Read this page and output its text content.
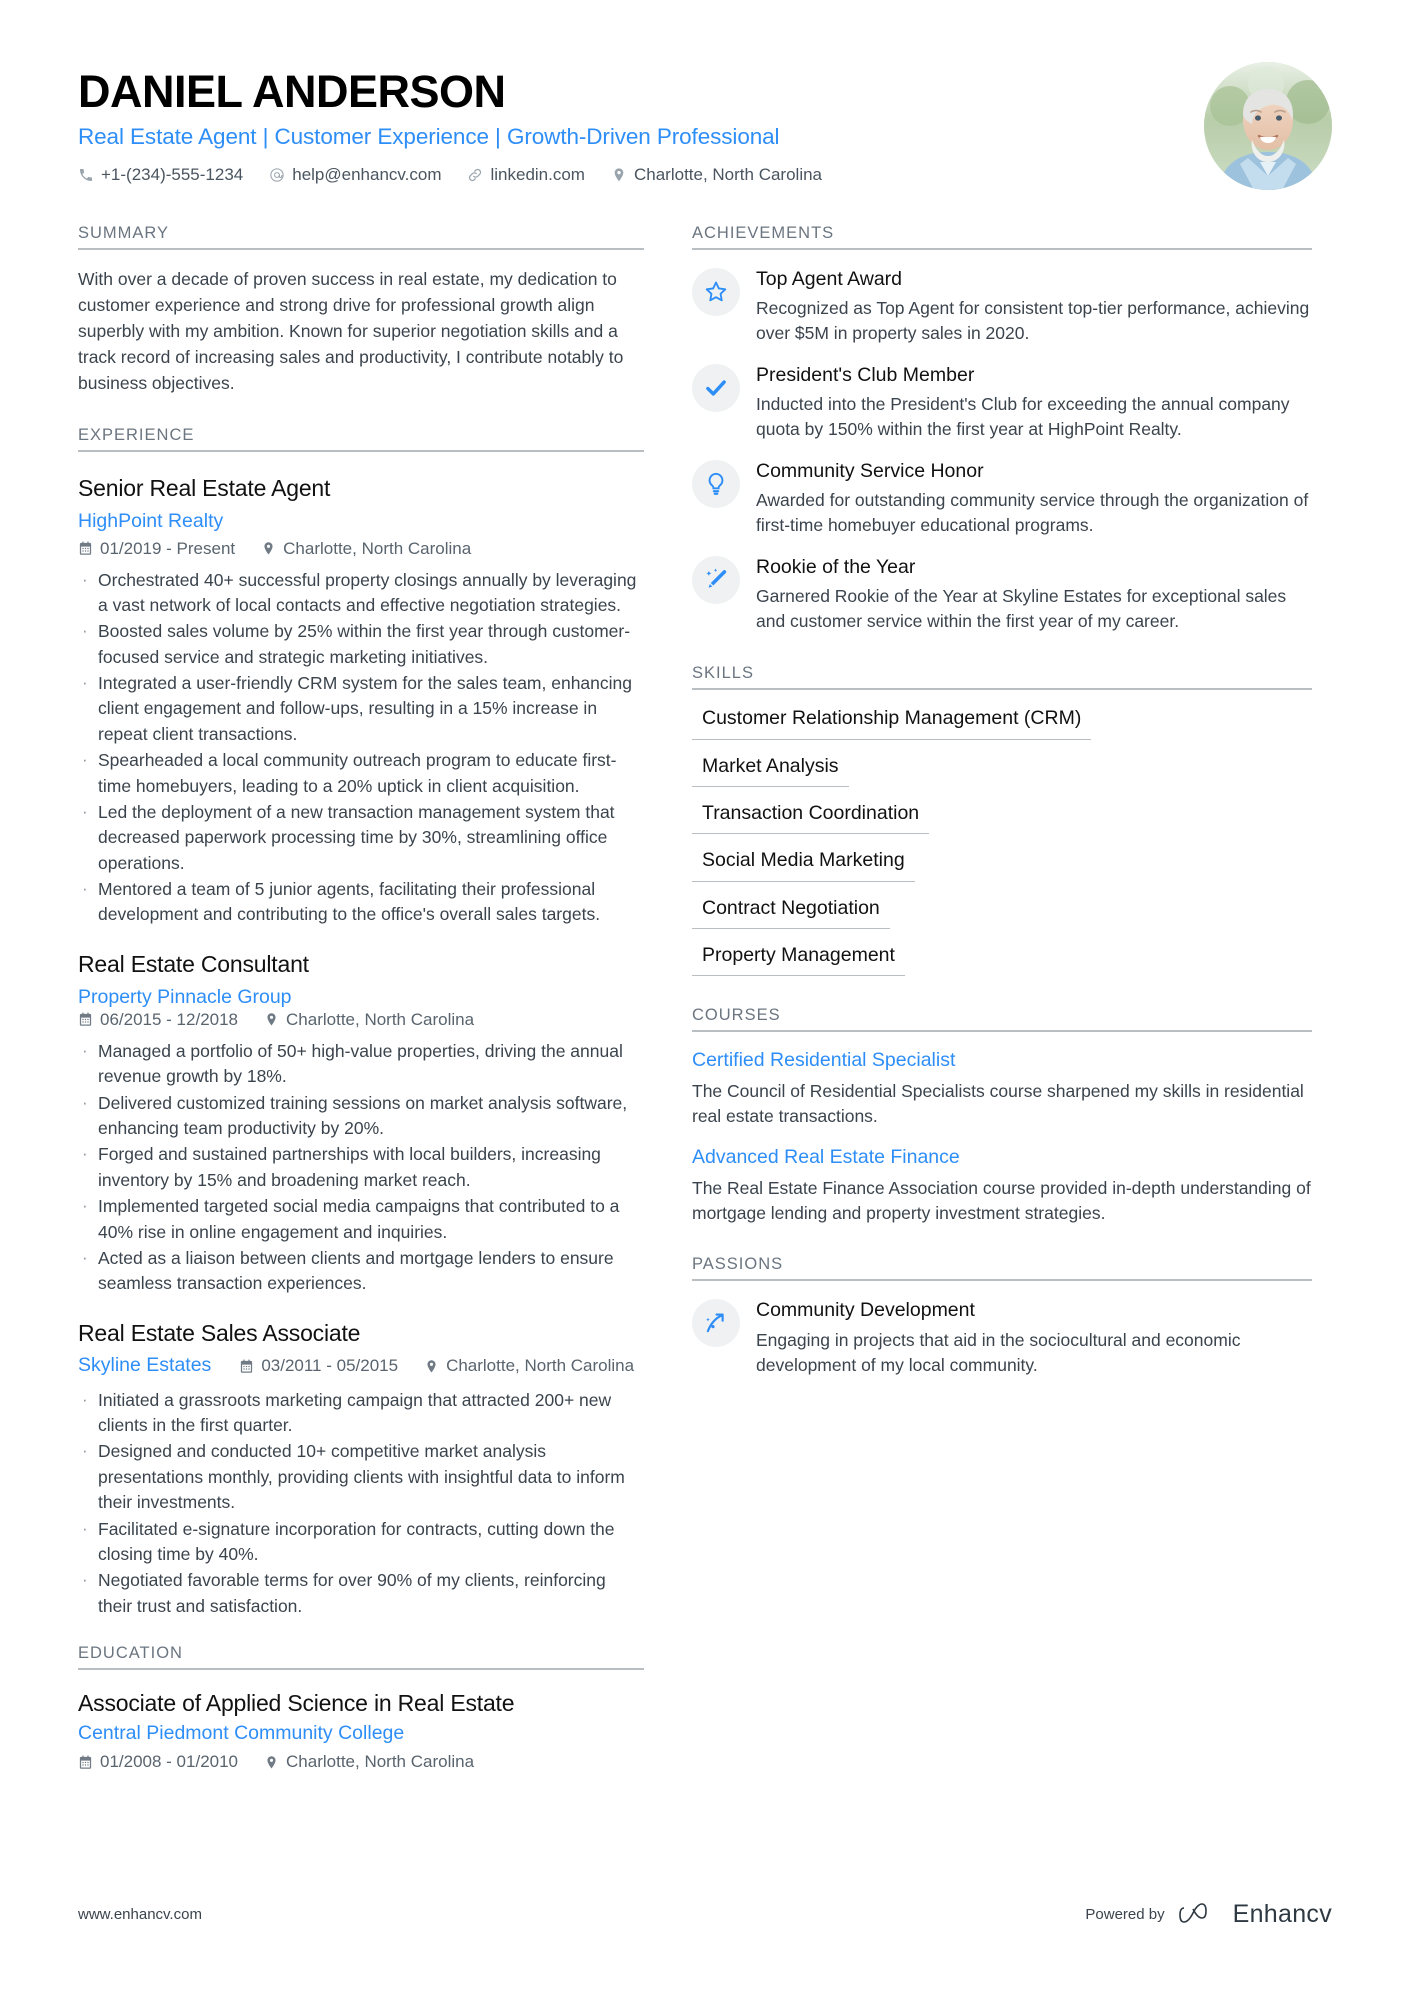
DANIEL ANDERSON
Real Estate Agent | Customer Experience | Growth-Driven Professional
+1-(234)-555-1234	help@enhancv.com	linkedin.com	Charlotte, North Carolina
SUMMARY
With over a decade of proven success in real estate, my dedication to customer experience and strong drive for professional growth align superbly with my ambition. Known for superior negotiation skills and a track record of increasing sales and productivity, I contribute notably to business objectives.
EXPERIENCE
Senior Real Estate Agent
HighPoint Realty
01/2019 - Present	Charlotte, North Carolina
· Orchestrated 40+ successful property closings annually by leveraging a vast network of local contacts and effective negotiation strategies.
· Boosted sales volume by 25% within the first year through customer-focused service and strategic marketing initiatives.
· Integrated a user-friendly CRM system for the sales team, enhancing client engagement and follow-ups, resulting in a 15% increase in repeat client transactions.
· Spearheaded a local community outreach program to educate first-time homebuyers, leading to a 20% uptick in client acquisition.
· Led the deployment of a new transaction management system that decreased paperwork processing time by 30%, streamlining office operations.
· Mentored a team of 5 junior agents, facilitating their professional development and contributing to the office's overall sales targets.
Real Estate Consultant
Property Pinnacle Group
06/2015 - 12/2018	Charlotte, North Carolina
· Managed a portfolio of 50+ high-value properties, driving the annual revenue growth by 18%.
· Delivered customized training sessions on market analysis software, enhancing team productivity by 20%.
· Forged and sustained partnerships with local builders, increasing inventory by 15% and broadening market reach.
· Implemented targeted social media campaigns that contributed to a 40% rise in online engagement and inquiries.
· Acted as a liaison between clients and mortgage lenders to ensure seamless transaction experiences.
Real Estate Sales Associate
Skyline Estates	03/2011 - 05/2015	Charlotte, North Carolina
· Initiated a grassroots marketing campaign that attracted 200+ new clients in the first quarter.
· Designed and conducted 10+ competitive market analysis presentations monthly, providing clients with insightful data to inform their investments.
· Facilitated e-signature incorporation for contracts, cutting down the closing time by 40%.
· Negotiated favorable terms for over 90% of my clients, reinforcing their trust and satisfaction.
EDUCATION
Associate of Applied Science in Real Estate
Central Piedmont Community College
01/2008 - 01/2010	Charlotte, North Carolina
ACHIEVEMENTS
Top Agent Award
Recognized as Top Agent for consistent top-tier performance, achieving over $5M in property sales in 2020.
President's Club Member
Inducted into the President's Club for exceeding the annual company quota by 150% within the first year at HighPoint Realty.
Community Service Honor
Awarded for outstanding community service through the organization of first-time homebuyer educational programs.
Rookie of the Year
Garnered Rookie of the Year at Skyline Estates for exceptional sales and customer service within the first year of my career.
SKILLS
Customer Relationship Management (CRM)
Market Analysis
Transaction Coordination
Social Media Marketing
Contract Negotiation
Property Management
COURSES
Certified Residential Specialist
The Council of Residential Specialists course sharpened my skills in residential real estate transactions.
Advanced Real Estate Finance
The Real Estate Finance Association course provided in-depth understanding of mortgage lending and property investment strategies.
PASSIONS
Community Development
Engaging in projects that aid in the sociocultural and economic development of my local community.
www.enhancv.com	Powered by	Enhancv
